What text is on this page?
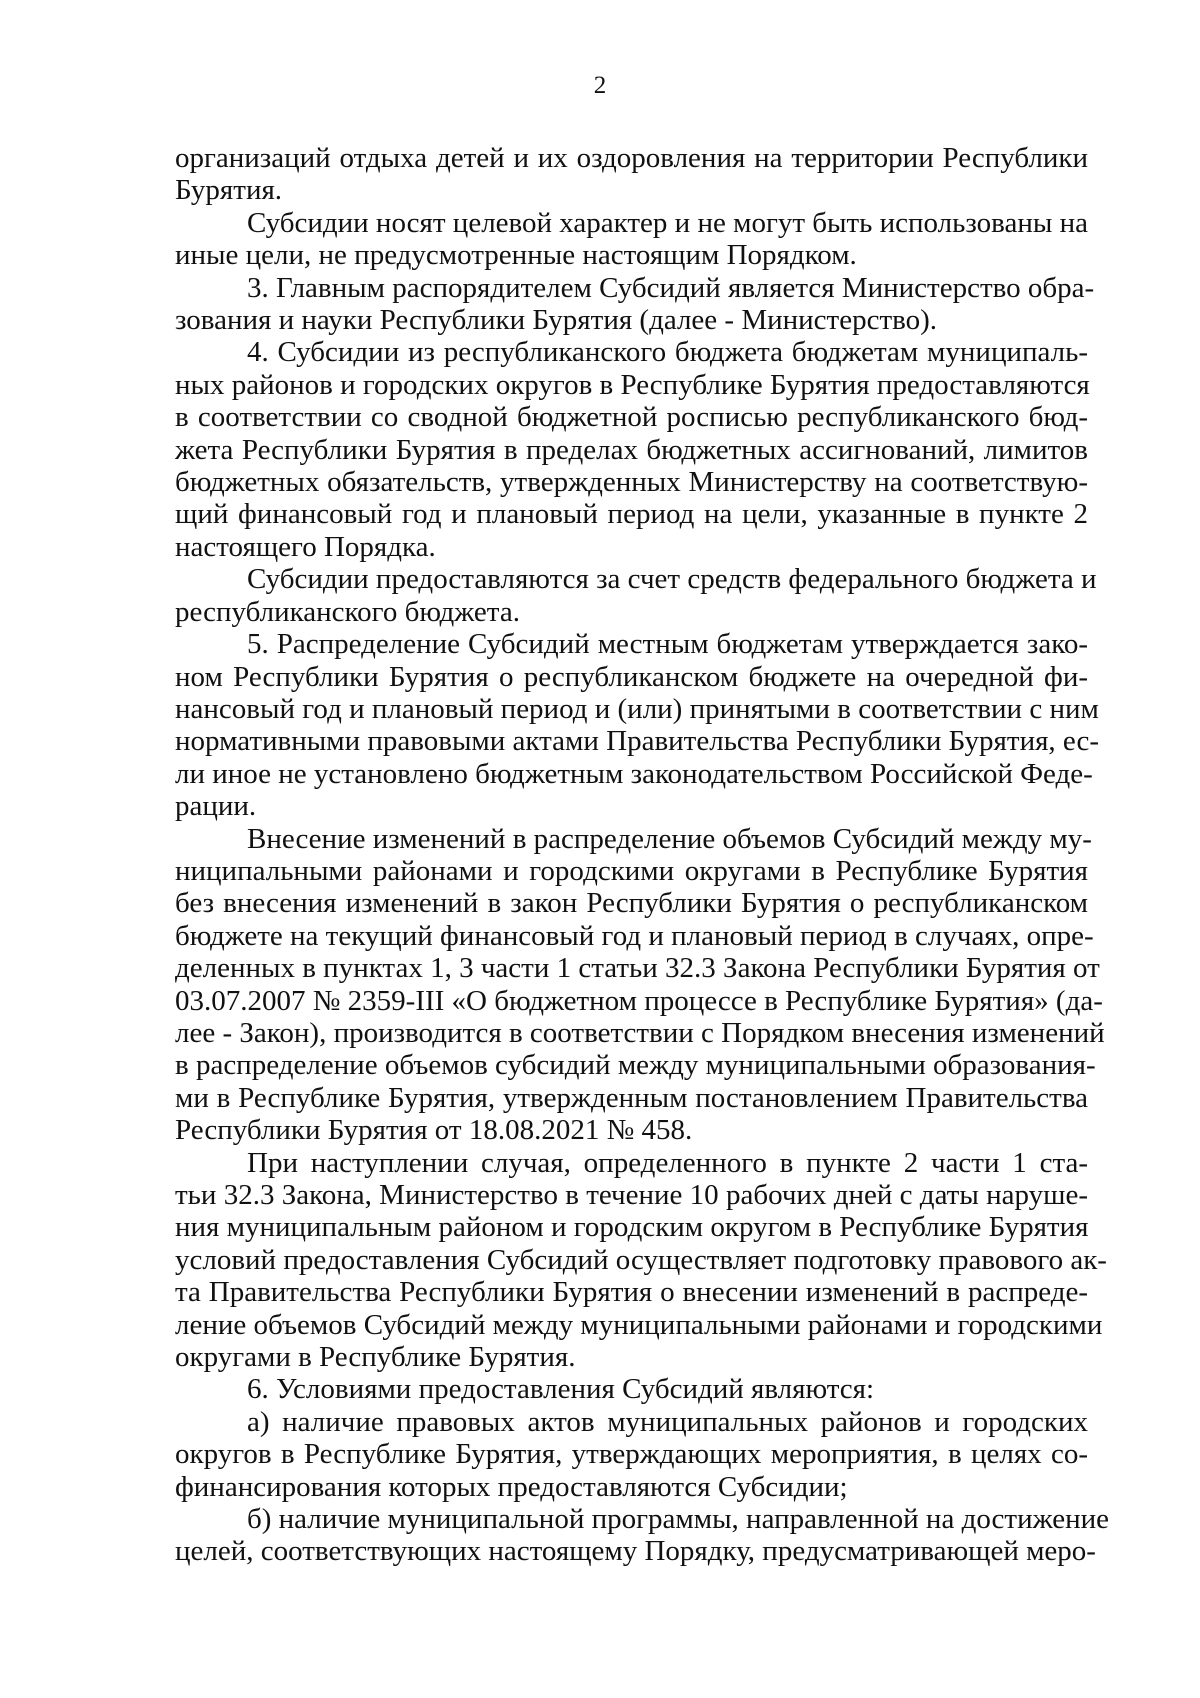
2

организаций отдыха детей и их оздоровления на территории Республики

Бурятия.

Субсидии носят целевой характер и не могут быть использованы на

иные цели, не предусмотренные настоящим Порядком.

3. Главным распорядителем Субсидий является Министерство обра-

зования и науки Республики Бурятия (далее - Министерство).

4. Субсидии из республиканского бюджета бюджетам муниципаль-

ных районов и городских округов в Республике Бурятия предоставляются

в соответствии со сводной бюджетной росписью республиканского бюд-

жета Республики Бурятия в пределах бюджетных ассигнований, лимитов

бюджетных обязательств, утвержденных Министерству на соответствую-

щий финансовый год и плановый период на цели, указанные в пункте 2

настоящего Порядка.

Субсидии предоставляются за счет средств федерального бюджета и

республиканского бюджета.

5. Распределение Субсидий местным бюджетам утверждается зако-

ном Республики Бурятия о республиканском бюджете на очередной фи-

нансовый год и плановый период и (или) принятыми в соответствии с ним

нормативными правовыми актами Правительства Республики Бурятия, ес-

ли иное не установлено бюджетным законодательством Российской Феде-

рации.

Внесение изменений в распределение объемов Субсидий между му-

ниципальными районами и городскими округами в Республике Бурятия

без внесения изменений в закон Республики Бурятия о республиканском

бюджете на текущий финансовый год и плановый период в случаях, опре-

деленных в пунктах 1, 3 части 1 статьи 32.3 Закона Республики Бурятия от

03.07.2007 № 2359-III «О бюджетном процессе в Республике Бурятия» (да-

лее - Закон), производится в соответствии с Порядком внесения изменений

в распределение объемов субсидий между муниципальными образования-

ми в Республике Бурятия, утвержденным постановлением Правительства

Республики Бурятия от 18.08.2021 № 458.

При наступлении случая, определенного в пункте 2 части 1 ста-

тьи 32.3 Закона, Министерство в течение 10 рабочих дней с даты наруше-

ния муниципальным районом и городским округом в Республике Бурятия

условий предоставления Субсидий осуществляет подготовку правового ак-

та Правительства Республики Бурятия о внесении изменений в распреде-

ление объемов Субсидий между муниципальными районами и городскими

округами в Республике Бурятия.

6. Условиями предоставления Субсидий являются:

а) наличие правовых актов муниципальных районов и городских

округов в Республике Бурятия, утверждающих мероприятия, в целях со-

финансирования которых предоставляются Субсидии;

б) наличие муниципальной программы, направленной на достижение

целей, соответствующих настоящему Порядку, предусматривающей меро-
